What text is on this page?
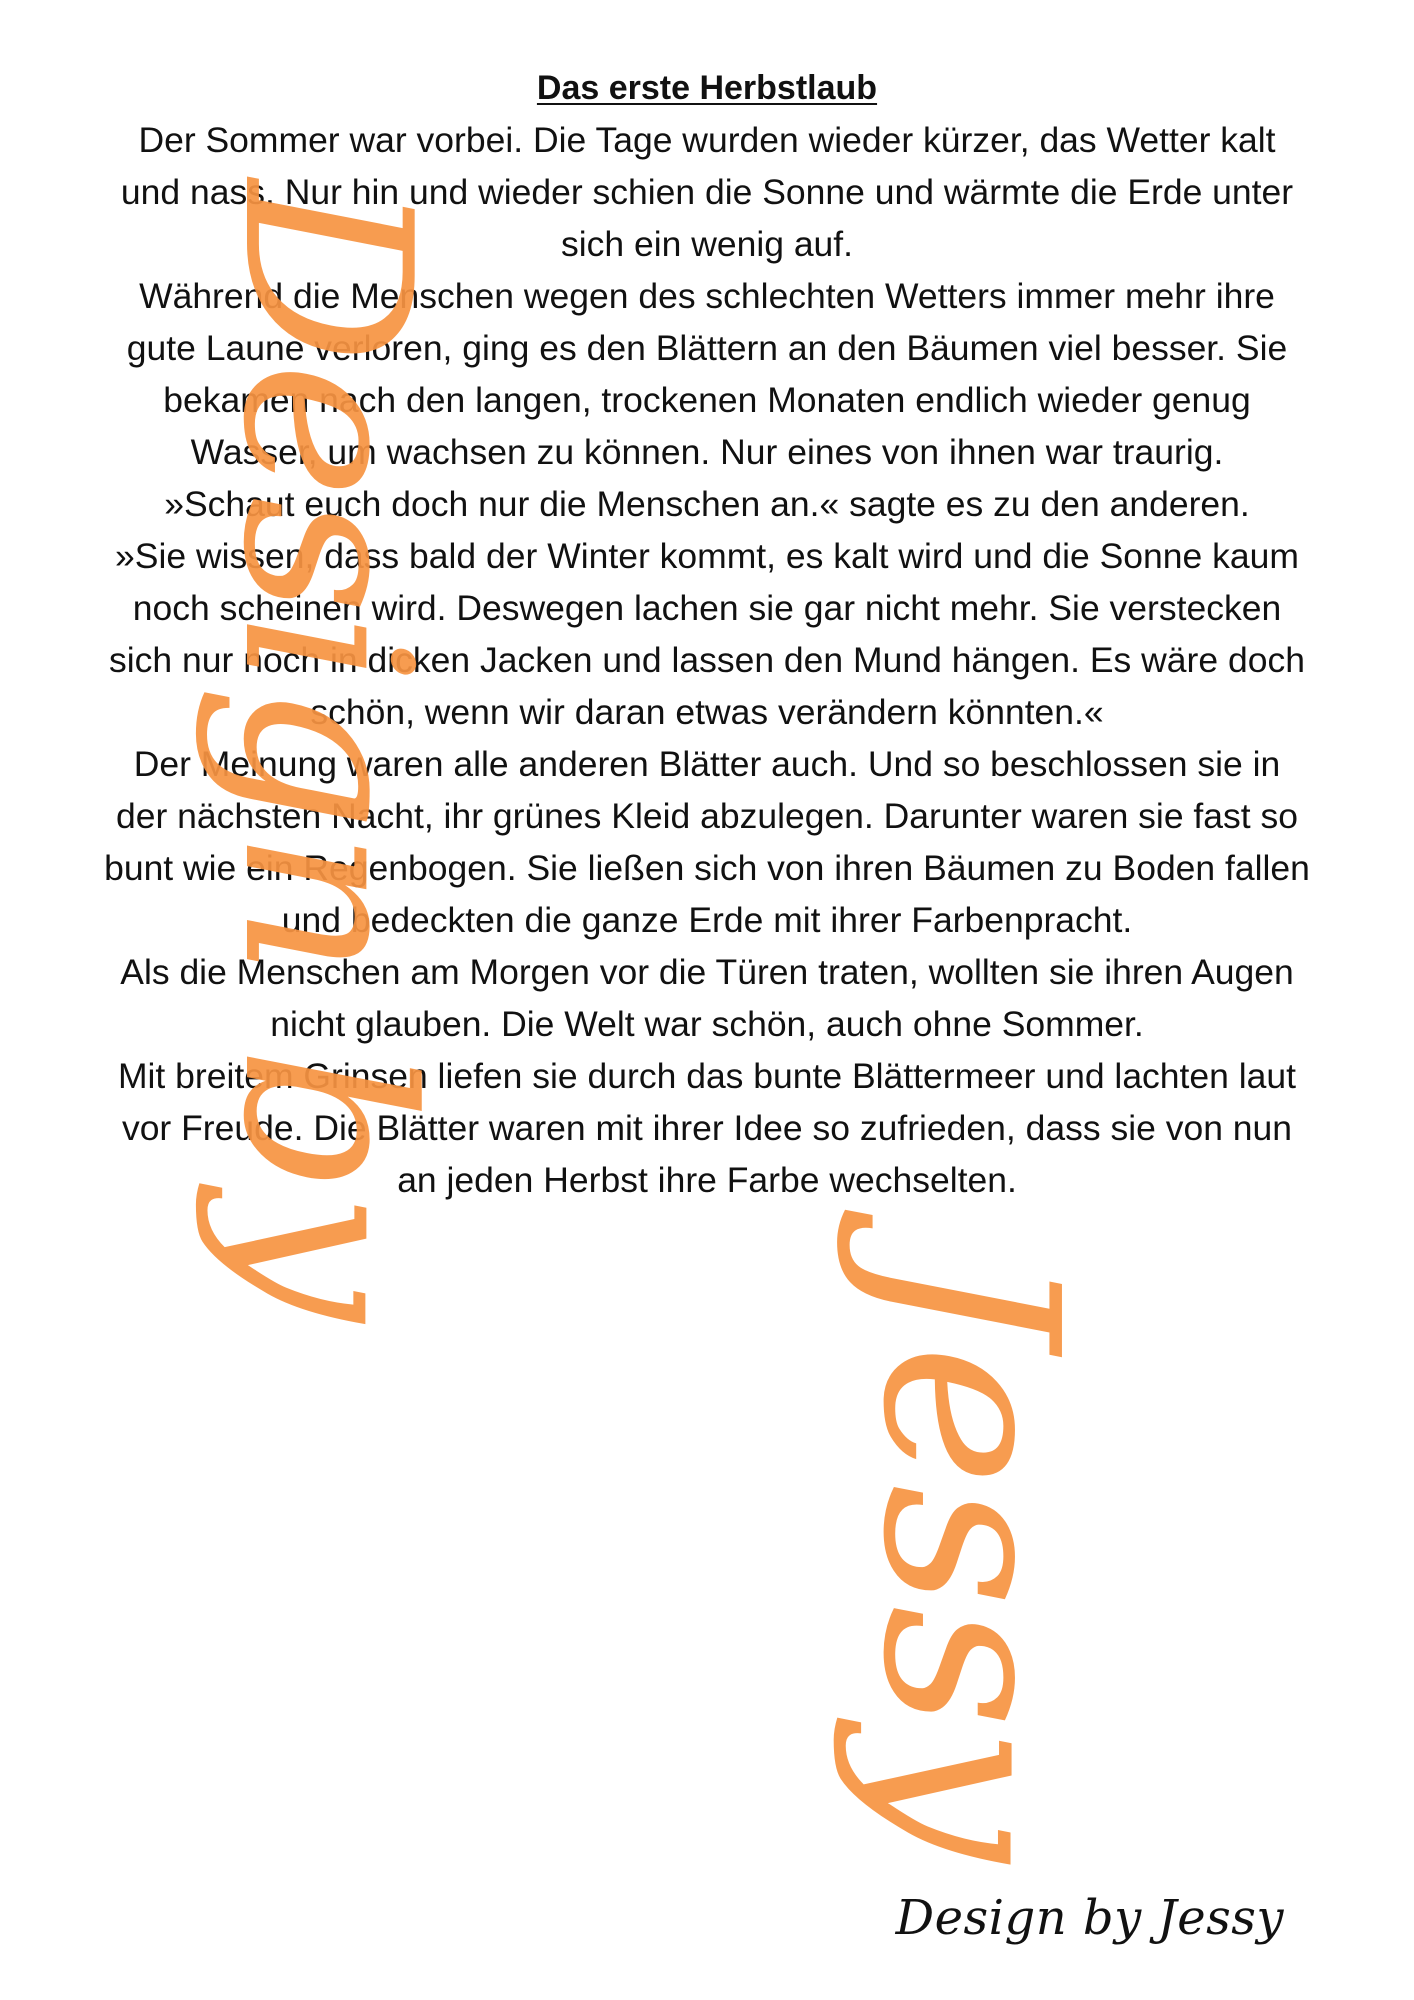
Das erste Herbstlaub
Der Sommer war vorbei. Die Tage wurden wieder kürzer, das Wetter kalt
und nass. Nur hin und wieder schien die Sonne und wärmte die Erde unter
sich ein wenig auf.
Während die Menschen wegen des schlechten Wetters immer mehr ihre
gute Laune verloren, ging es den Blättern an den Bäumen viel besser. Sie
bekamen nach den langen, trockenen Monaten endlich wieder genug
Wasser, um wachsen zu können. Nur eines von ihnen war traurig.
»Schaut euch doch nur die Menschen an.« sagte es zu den anderen.
»Sie wissen, dass bald der Winter kommt, es kalt wird und die Sonne kaum
noch scheinen wird. Deswegen lachen sie gar nicht mehr. Sie verstecken
sich nur noch in dicken Jacken und lassen den Mund hängen. Es wäre doch
schön, wenn wir daran etwas verändern könnten.«
Der Meinung waren alle anderen Blätter auch. Und so beschlossen sie in
der nächsten Nacht, ihr grünes Kleid abzulegen. Darunter waren sie fast so
bunt wie ein Regenbogen. Sie ließen sich von ihren Bäumen zu Boden fallen
und bedeckten die ganze Erde mit ihrer Farbenpracht.
Als die Menschen am Morgen vor die Türen traten, wollten sie ihren Augen
nicht glauben. Die Welt war schön, auch ohne Sommer.
Mit breitem Grinsen liefen sie durch das bunte Blättermeer und lachten laut
vor Freude. Die Blätter waren mit ihrer Idee so zufrieden, dass sie von nun
an jeden Herbst ihre Farbe wechselten.
Design by
Jessy
Design by Jessy
